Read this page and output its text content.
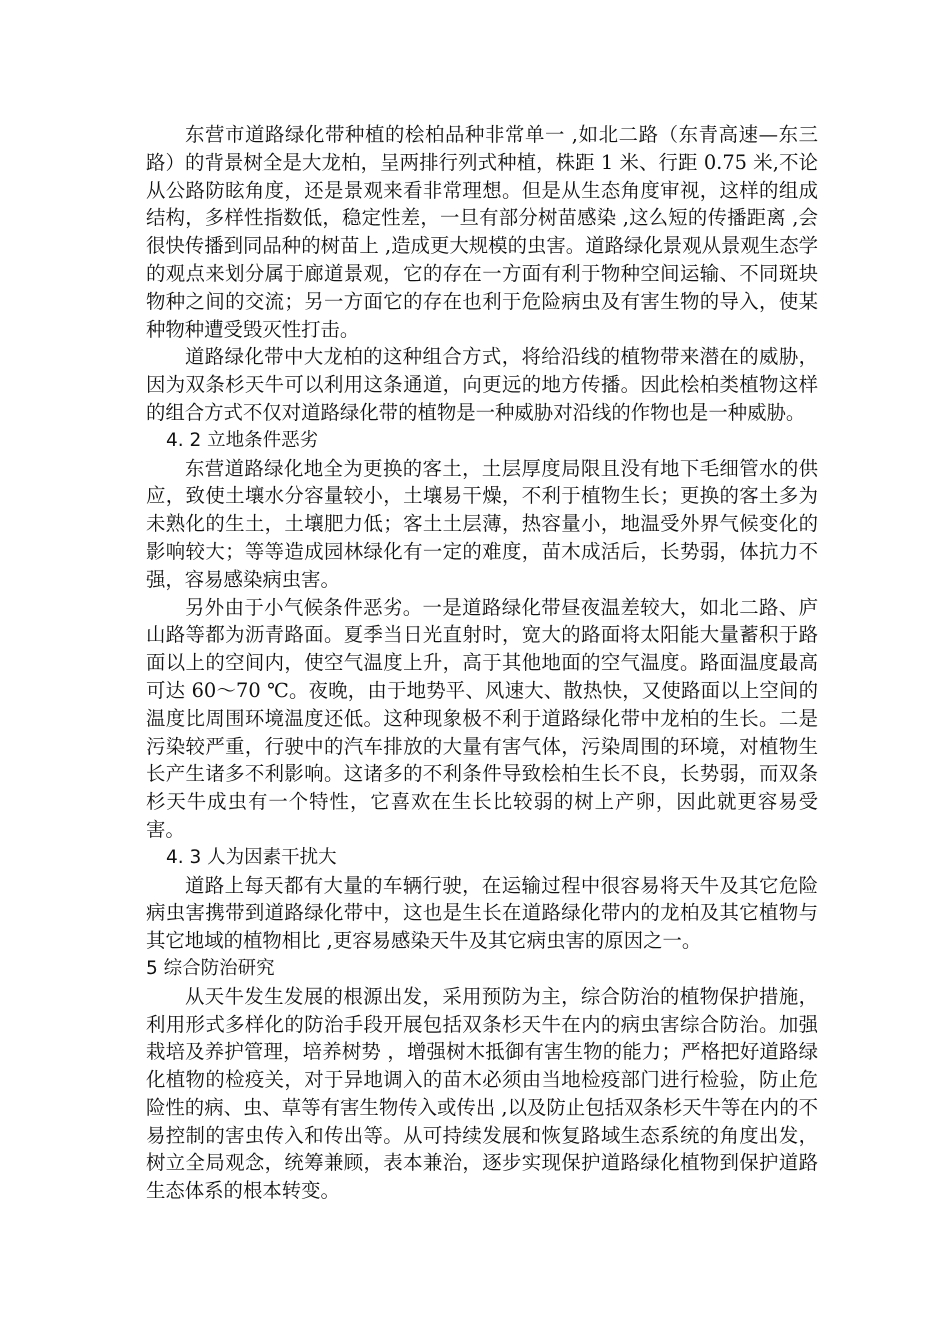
东营市道路绿化带种植的桧柏品种非常单一 ,如北二路（东青高速—东三路）的背景树全是大龙柏，呈两排行列式种植，株距 1 米、行距 0.75 米,不论从公路防眩角度，还是景观来看非常理想。但是从生态角度审视，这样的组成结构，多样性指数低，稳定性差，一旦有部分树苗感染 ,这么短的传播距离 ,会很快传播到同品种的树苗上 ,造成更大规模的虫害。道路绿化景观从景观生态学的观点来划分属于廊道景观，它的存在一方面有利于物种空间运输、不同斑块物种之间的交流；另一方面它的存在也利于危险病虫及有害生物的导入，使某种物种遭受毁灭性打击。

道路绿化带中大龙柏的这种组合方式，将给沿线的植物带来潜在的威胁，因为双条杉天牛可以利用这条通道，向更远的地方传播。因此桧柏类植物这样的组合方式不仅对道路绿化带的植物是一种威胁对沿线的作物也是一种威胁。

4. 2 立地条件恶劣

东营道路绿化地全为更换的客土，土层厚度局限且没有地下毛细管水的供应，致使土壤水分容量较小，土壤易干燥，不利于植物生长；更换的客土多为未熟化的生土，土壤肥力低；客土土层薄，热容量小，地温受外界气候变化的影响较大；等等造成园林绿化有一定的难度，苗木成活后，长势弱，体抗力不强，容易感染病虫害。

另外由于小气候条件恶劣。一是道路绿化带昼夜温差较大，如北二路、庐山路等都为沥青路面。夏季当日光直射时，宽大的路面将太阳能大量蓄积于路面以上的空间内，使空气温度上升，高于其他地面的空气温度。路面温度最高可达 60～70 ℃。夜晚，由于地势平、风速大、散热快，又使路面以上空间的温度比周围环境温度还低。这种现象极不利于道路绿化带中龙柏的生长。二是污染较严重，行驶中的汽车排放的大量有害气体，污染周围的环境，对植物生长产生诸多不利影响。这诸多的不利条件导致桧柏生长不良，长势弱，而双条杉天牛成虫有一个特性，它喜欢在生长比较弱的树上产卵，因此就更容易受害。

4. 3 人为因素干扰大

道路上每天都有大量的车辆行驶，在运输过程中很容易将天牛及其它危险病虫害携带到道路绿化带中，这也是生长在道路绿化带内的龙柏及其它植物与其它地域的植物相比 ,更容易感染天牛及其它病虫害的原因之一。

5 综合防治研究

从天牛发生发展的根源出发，采用预防为主，综合防治的植物保护措施，利用形式多样化的防治手段开展包括双条杉天牛在内的病虫害综合防治。加强栽培及养护管理，培养树势 ，增强树木抵御有害生物的能力；严格把好道路绿化植物的检疫关，对于异地调入的苗木必须由当地检疫部门进行检验，防止危险性的病、虫、草等有害生物传入或传出 ,以及防止包括双条杉天牛等在内的不易控制的害虫传入和传出等。从可持续发展和恢复路域生态系统的角度出发，树立全局观念，统筹兼顾，表本兼治，逐步实现保护道路绿化植物到保护道路生态体系的根本转变。
